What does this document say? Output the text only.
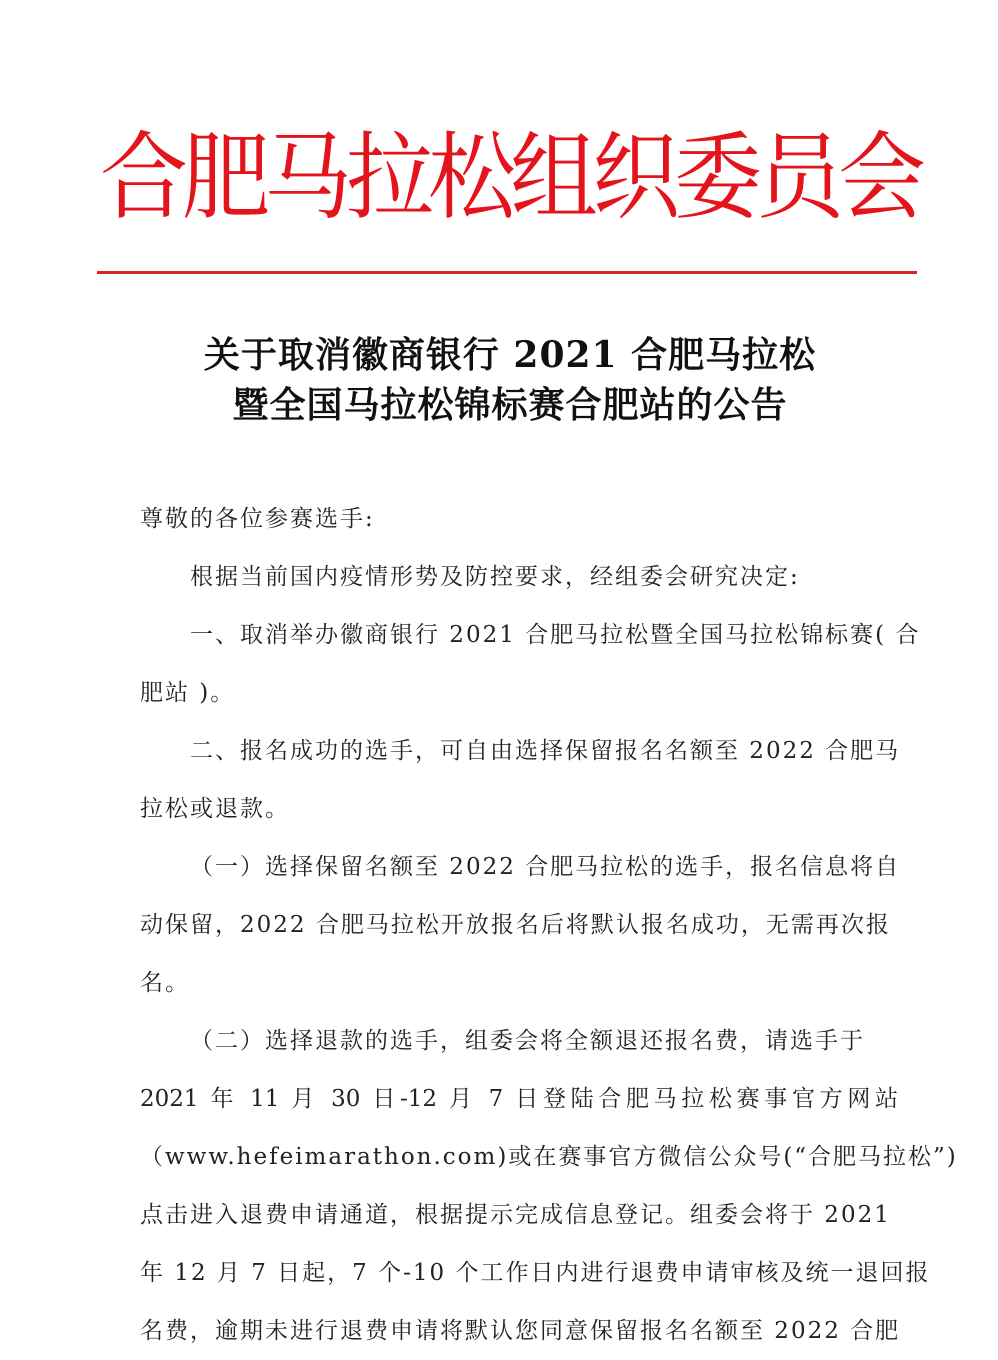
合肥马拉松组织委员会
关于取消徽商银行 2021 合肥马拉松
暨全国马拉松锦标赛合肥站的公告
尊敬的各位参赛选手:
根据当前国内疫情形势及防控要求，经组委会研究决定:
一、取消举办徽商银行 2021 合肥马拉松暨全国马拉松锦标赛( 合
肥站 )。
二、报名成功的选手，可自由选择保留报名名额至 2022 合肥马
拉松或退款。
（一）选择保留名额至 2022 合肥马拉松的选手，报名信息将自
动保留，2022 合肥马拉松开放报名后将默认报名成功，无需再次报
名。
（二）选择退款的选手，组委会将全额退还报名费，请选手于
2021 年 11 月 30 日-12 月 7 日登陆合肥马拉松赛事官方网站
（www.hefeimarathon.com)或在赛事官方微信公众号(“合肥马拉松”)
点击进入退费申请通道，根据提示完成信息登记。组委会将于 2021
年 12 月 7 日起，7 个-10 个工作日内进行退费申请审核及统一退回报
名费，逾期未进行退费申请将默认您同意保留报名名额至 2022 合肥
